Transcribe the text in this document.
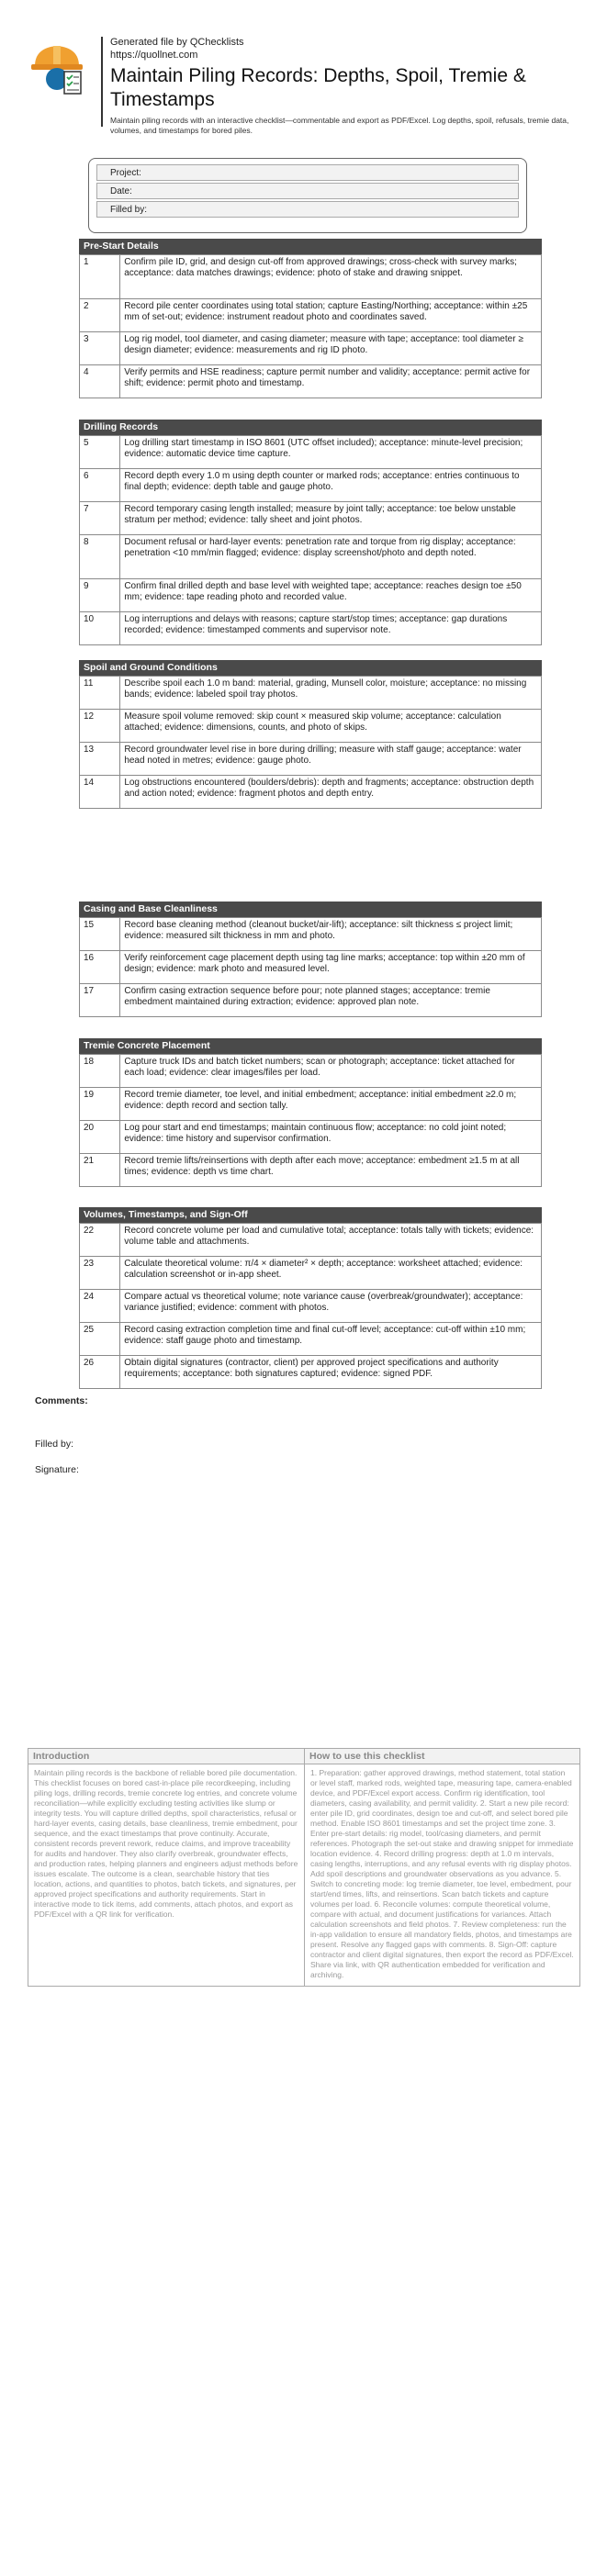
Generated file by QChecklists
https://quollnet.com
Maintain Piling Records: Depths, Spoil, Tremie & Timestamps
Maintain piling records with an interactive checklist—commentable and export as PDF/Excel. Log depths, spoil, refusals, tremie data, volumes, and timestamps for bored piles.
Project:
Date:
Filled by:
Pre-Start Details
1	Confirm pile ID, grid, and design cut-off from approved drawings; cross-check with survey marks; acceptance: data matches drawings; evidence: photo of stake and drawing snippet.
2	Record pile center coordinates using total station; capture Easting/Northing; acceptance: within ±25 mm of set-out; evidence: instrument readout photo and coordinates saved.
3	Log rig model, tool diameter, and casing diameter; measure with tape; acceptance: tool diameter ≥ design diameter; evidence: measurements and rig ID photo.
4	Verify permits and HSE readiness; capture permit number and validity; acceptance: permit active for shift; evidence: permit photo and timestamp.
Drilling Records
5	Log drilling start timestamp in ISO 8601 (UTC offset included); acceptance: minute-level precision; evidence: automatic device time capture.
6	Record depth every 1.0 m using depth counter or marked rods; acceptance: entries continuous to final depth; evidence: depth table and gauge photo.
7	Record temporary casing length installed; measure by joint tally; acceptance: toe below unstable stratum per method; evidence: tally sheet and joint photos.
8	Document refusal or hard-layer events: penetration rate and torque from rig display; acceptance: penetration <10 mm/min flagged; evidence: display screenshot/photo and depth noted.
9	Confirm final drilled depth and base level with weighted tape; acceptance: reaches design toe ±50 mm; evidence: tape reading photo and recorded value.
10	Log interruptions and delays with reasons; capture start/stop times; acceptance: gap durations recorded; evidence: timestamped comments and supervisor note.
Spoil and Ground Conditions
11	Describe spoil each 1.0 m band: material, grading, Munsell color, moisture; acceptance: no missing bands; evidence: labeled spoil tray photos.
12	Measure spoil volume removed: skip count × measured skip volume; acceptance: calculation attached; evidence: dimensions, counts, and photo of skips.
13	Record groundwater level rise in bore during drilling; measure with staff gauge; acceptance: water head noted in metres; evidence: gauge photo.
14	Log obstructions encountered (boulders/debris): depth and fragments; acceptance: obstruction depth and action noted; evidence: fragment photos and depth entry.
Casing and Base Cleanliness
15	Record base cleaning method (cleanout bucket/air-lift); acceptance: silt thickness ≤ project limit; evidence: measured silt thickness in mm and photo.
16	Verify reinforcement cage placement depth using tag line marks; acceptance: top within ±20 mm of design; evidence: mark photo and measured level.
17	Confirm casing extraction sequence before pour; note planned stages; acceptance: tremie embedment maintained during extraction; evidence: approved plan note.
Tremie Concrete Placement
18	Capture truck IDs and batch ticket numbers; scan or photograph; acceptance: ticket attached for each load; evidence: clear images/files per load.
19	Record tremie diameter, toe level, and initial embedment; acceptance: initial embedment ≥2.0 m; evidence: depth record and section tally.
20	Log pour start and end timestamps; maintain continuous flow; acceptance: no cold joint noted; evidence: time history and supervisor confirmation.
21	Record tremie lifts/reinsertions with depth after each move; acceptance: embedment ≥1.5 m at all times; evidence: depth vs time chart.
Volumes, Timestamps, and Sign-Off
22	Record concrete volume per load and cumulative total; acceptance: totals tally with tickets; evidence: volume table and attachments.
23	Calculate theoretical volume: π/4 × diameter² × depth; acceptance: worksheet attached; evidence: calculation screenshot or in-app sheet.
24	Compare actual vs theoretical volume; note variance cause (overbreak/groundwater); acceptance: variance justified; evidence: comment with photos.
25	Record casing extraction completion time and final cut-off level; acceptance: cut-off within ±10 mm; evidence: staff gauge photo and timestamp.
26	Obtain digital signatures (contractor, client) per approved project specifications and authority requirements; acceptance: both signatures captured; evidence: signed PDF.
Comments:
Filled by:
Signature:
Introduction
Maintain piling records is the backbone of reliable bored pile documentation. This checklist focuses on bored cast-in-place pile recordkeeping, including piling logs, drilling records, tremie concrete log entries, and concrete volume reconciliation—while explicitly excluding testing activities like slump or integrity tests. You will capture drilled depths, spoil characteristics, refusal or hard-layer events, casing details, base cleanliness, tremie embedment, pour sequence, and the exact timestamps that prove continuity. Accurate, consistent records prevent rework, reduce claims, and improve traceability for audits and handover. They also clarify overbreak, groundwater effects, and production rates, helping planners and engineers adjust methods before issues escalate. The outcome is a clean, searchable history that ties location, actions, and quantities to photos, batch tickets, and signatures, per approved project specifications and authority requirements. Start in interactive mode to tick items, add comments, attach photos, and export as PDF/Excel with a QR link for verification.
How to use this checklist
1. Preparation: gather approved drawings, method statement, total station or level staff, marked rods, weighted tape, measuring tape, camera-enabled device, and PDF/Excel export access. Confirm rig identification, tool diameters, casing availability, and permit validity. 2. Start a new pile record: enter pile ID, grid coordinates, design toe and cut-off, and select bored pile method. Enable ISO 8601 timestamps and set the project time zone. 3. Enter pre-start details: rig model, tool/casing diameters, and permit references. Photograph the set-out stake and drawing snippet for immediate location evidence. 4. Record drilling progress: depth at 1.0 m intervals, casing lengths, interruptions, and any refusal events with rig display photos. Add spoil descriptions and groundwater observations as you advance. 5. Switch to concreting mode: log tremie diameter, toe level, embedment, pour start/end times, lifts, and reinsertions. Scan batch tickets and capture volumes per load. 6. Reconcile volumes: compute theoretical volume, compare with actual, and document justifications for variances. Attach calculation screenshots and field photos. 7. Review completeness: run the in-app validation to ensure all mandatory fields, photos, and timestamps are present. Resolve any flagged gaps with comments. 8. Sign-Off: capture contractor and client digital signatures, then export the record as PDF/Excel. Share via link, with QR authentication embedded for verification and archiving.
